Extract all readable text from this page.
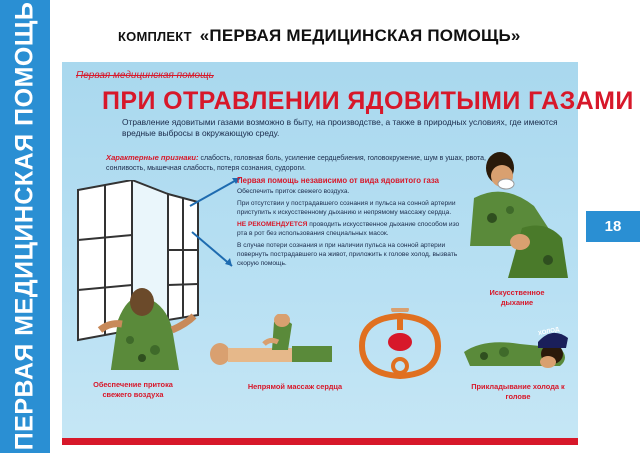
ПЕРВАЯ МЕДИЦИНСКАЯ ПОМОЩЬ	КОМПЛЕКТ «ПЕРВАЯ МЕДИЦИНСКАЯ ПОМОЩЬ»
18
Первая медицинская помощь
ПРИ ОТРАВЛЕНИИ ЯДОВИТЫМИ ГАЗАМИ
Отравление ядовитыми газами возможно в быту, на производстве, а также в природных условиях, где имеются вредные выбросы в окружающую среду.
Характерные признаки: слабость, головная боль, усиление сердцебиения, головокружение, шум в ушах, рвота, сонливость, мышечная слабость, потеря сознания, судороги.
Первая помощь независимо от вида ядовитого газа

Обеспечить приток свежего воздуха.

При отсутствии у пострадавшего сознания и пульса на сонной артерии приступить к искусственному дыханию и непрямому массажу сердца.

НЕ РЕКОМЕНДУЕТСЯ проводить искусственное дыхание способом изо рта в рот без использования специальных масок.

В случае потери сознания и при наличии пульса на сонной артерии повернуть пострадавшего на живот, приложить к голове холод, вызвать скорую помощь.

Искусственное дыхание
Обеспечение притока свежего воздуха
Непрямой массаж сердца
ХОЛОД
Прикладывание холода к голове
